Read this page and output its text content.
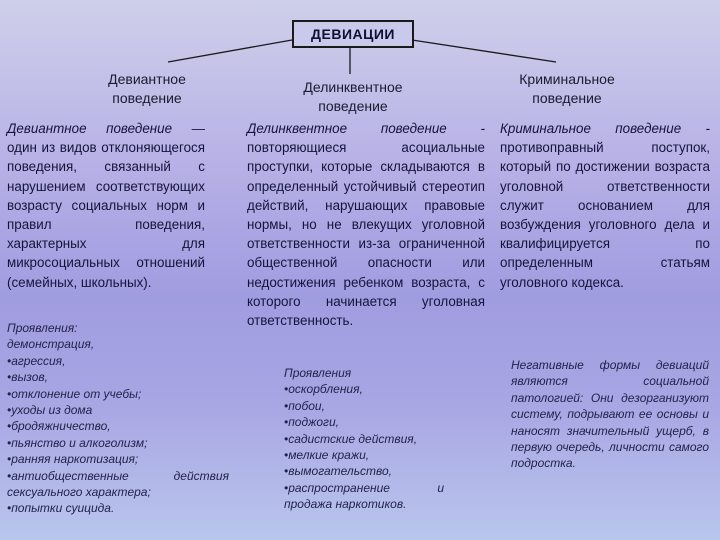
ДЕВИАЦИИ
Девиантное поведение
Делинквентное поведение
Криминальное поведение
Девиантное поведение — один из видов отклоняющегося поведения, связанный с нарушением соответствующих возрасту социальных норм и правил поведения, характерных для микросоциальных отношений (семейных, школьных).
Проявления:
демонстрация,
•агрессия,
•вызов,
•отклонение от учебы;
•уходы из дома
•бродяжничество,
•пьянство и алкоголизм;
•ранняя наркотизация;
•антиобщественные действия сексуального характера;
•попытки суицида.
Делинквентное поведение - повторяющиеся асоциальные проступки, которые складываются в определенный устойчивый стереотип действий, нарушающих правовые нормы, но не влекущих уголовной ответственности из-за ограниченной общественной опасности или недостижения ребенком возраста, с которого начинается уголовная ответственность.
Проявления
•оскорбления,
•побои,
•поджоги,
•садистские действия,
•мелкие кражи,
•вымогательство,
•распространение и продажа наркотиков.
Криминальное поведение - противоправный поступок, который по достижении возраста уголовной ответственности служит основанием для возбуждения уголовного дела и квалифицируется по определенным статьям уголовного кодекса.
Негативные формы девиаций являются социальной патологией: Они дезорганизуют систему, подрывают ее основы и наносят значительный ущерб, в первую очередь, личности самого подростка.
